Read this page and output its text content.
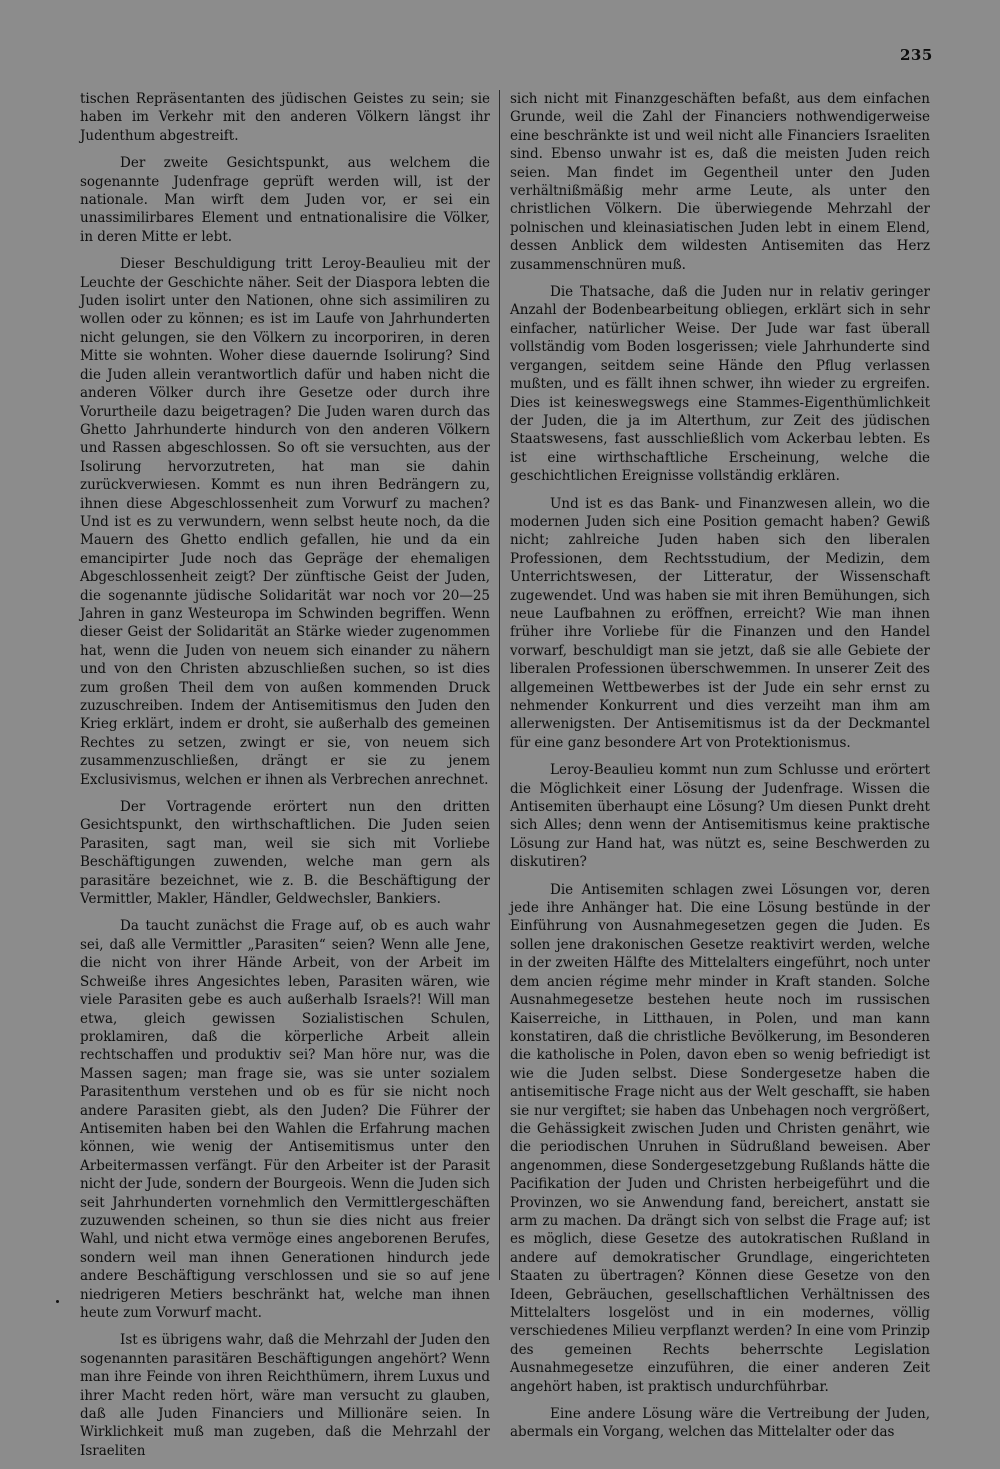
235

tischen Repräsentanten des jüdischen Geistes zu sein; sie haben im Verkehr mit den anderen Völkern längst ihr Judenthum abgestreift.

Der zweite Gesichtspunkt, aus welchem die sogenannte Judenfrage geprüft werden will, ist der nationale. Man wirft dem Juden vor, er sei ein unassimilirbares Element und entnationalisire die Völker, in deren Mitte er lebt.

Dieser Beschuldigung tritt Leroy-Beaulieu mit der Leuchte der Geschichte näher. Seit der Diaspora lebten die Juden isolirt unter den Nationen, ohne sich assimiliren zu wollen oder zu können; es ist im Laufe von Jahrhunderten nicht gelungen, sie den Völkern zu incorporiren, in deren Mitte sie wohnten. Woher diese dauernde Isolirung? Sind die Juden allein verantwortlich dafür und haben nicht die anderen Völker durch ihre Gesetze oder durch ihre Vorurtheile dazu beigetragen? Die Juden waren durch das Ghetto Jahrhunderte hindurch von den anderen Völkern und Rassen abgeschlossen. So oft sie versuchten, aus der Isolirung hervorzutreten, hat man sie dahin zurückverwiesen. Kommt es nun ihren Bedrängern zu, ihnen diese Abgeschlossenheit zum Vorwurf zu machen? Und ist es zu verwundern, wenn selbst heute noch, da die Mauern des Ghetto endlich gefallen, hie und da ein emancipirter Jude noch das Gepräge der ehemaligen Abgeschlossenheit zeigt? Der zünftische Geist der Juden, die sogenannte jüdische Solidarität war noch vor 20—25 Jahren in ganz Westeuropa im Schwinden begriffen. Wenn dieser Geist der Solidarität an Stärke wieder zugenommen hat, wenn die Juden von neuem sich einander zu nähern und von den Christen abzuschließen suchen, so ist dies zum großen Theil dem von außen kommenden Druck zuzuschreiben. Indem der Antisemitismus den Juden den Krieg erklärt, indem er droht, sie außerhalb des gemeinen Rechtes zu setzen, zwingt er sie, von neuem sich zusammenzuschließen, drängt er sie zu jenem Exclusivismus, welchen er ihnen als Verbrechen anrechnet.

Der Vortragende erörtert nun den dritten Gesichtspunkt, den wirthschaftlichen. Die Juden seien Parasiten, sagt man, weil sie sich mit Vorliebe Beschäftigungen zuwenden, welche man gern als parasitäre bezeichnet, wie z. B. die Beschäftigung der Vermittler, Makler, Händler, Geldwechsler, Bankiers.

Da taucht zunächst die Frage auf, ob es auch wahr sei, daß alle Vermittler „Parasiten“ seien? Wenn alle Jene, die nicht von ihrer Hände Arbeit, von der Arbeit im Schweiße ihres Angesichtes leben, Parasiten wären, wie viele Parasiten gebe es auch außerhalb Israels?! Will man etwa, gleich gewissen Sozialistischen Schulen, proklamiren, daß die körperliche Arbeit allein rechtschaffen und produktiv sei? Man höre nur, was die Massen sagen; man frage sie, was sie unter sozialem Parasitenthum verstehen und ob es für sie nicht noch andere Parasiten giebt, als den Juden? Die Führer der Antisemiten haben bei den Wahlen die Erfahrung machen können, wie wenig der Antisemitismus unter den Arbeitermassen verfängt. Für den Arbeiter ist der Parasit nicht der Jude, sondern der Bourgeois. Wenn die Juden sich seit Jahrhunderten vornehmlich den Vermittlergeschäften zuzuwenden scheinen, so thun sie dies nicht aus freier Wahl, und nicht etwa vermöge eines angeborenen Berufes, sondern weil man ihnen Generationen hindurch jede andere Beschäftigung verschlossen und sie so auf jene niedrigeren Metiers beschränkt hat, welche man ihnen heute zum Vorwurf macht.

Ist es übrigens wahr, daß die Mehrzahl der Juden den sogenannten parasitären Beschäftigungen angehört? Wenn man ihre Feinde von ihren Reichthümern, ihrem Luxus und ihrer Macht reden hört, wäre man versucht zu glauben, daß alle Juden Financiers und Millionäre seien. In Wirklichkeit muß man zugeben, daß die Mehrzahl der Israeliten

sich nicht mit Finanzgeschäften befaßt, aus dem einfachen Grunde, weil die Zahl der Financiers nothwendigerweise eine beschränkte ist und weil nicht alle Financiers Israeliten sind. Ebenso unwahr ist es, daß die meisten Juden reich seien. Man findet im Gegentheil unter den Juden verhältnißmäßig mehr arme Leute, als unter den christlichen Völkern. Die überwiegende Mehrzahl der polnischen und kleinasiatischen Juden lebt in einem Elend, dessen Anblick dem wildesten Antisemiten das Herz zusammenschnüren muß.

Die Thatsache, daß die Juden nur in relativ geringer Anzahl der Bodenbearbeitung obliegen, erklärt sich in sehr einfacher, natürlicher Weise. Der Jude war fast überall vollständig vom Boden losgerissen; viele Jahrhunderte sind vergangen, seitdem seine Hände den Pflug verlassen mußten, und es fällt ihnen schwer, ihn wieder zu ergreifen. Dies ist keineswegswegs eine Stammes-Eigenthümlichkeit der Juden, die ja im Alterthum, zur Zeit des jüdischen Staatswesens, fast ausschließlich vom Ackerbau lebten. Es ist eine wirthschaftliche Erscheinung, welche die geschichtlichen Ereignisse vollständig erklären.

Und ist es das Bank- und Finanzwesen allein, wo die modernen Juden sich eine Position gemacht haben? Gewiß nicht; zahlreiche Juden haben sich den liberalen Professionen, dem Rechtsstudium, der Medizin, dem Unterrichtswesen, der Litteratur, der Wissenschaft zugewendet. Und was haben sie mit ihren Bemühungen, sich neue Laufbahnen zu eröffnen, erreicht? Wie man ihnen früher ihre Vorliebe für die Finanzen und den Handel vorwarf, beschuldigt man sie jetzt, daß sie alle Gebiete der liberalen Professionen überschwemmen. In unserer Zeit des allgemeinen Wettbewerbes ist der Jude ein sehr ernst zu nehmender Konkurrent und dies verzeiht man ihm am allerwenigsten. Der Antisemitismus ist da der Deckmantel für eine ganz besondere Art von Protektionismus.

Leroy-Beaulieu kommt nun zum Schlusse und erörtert die Möglichkeit einer Lösung der Judenfrage. Wissen die Antisemiten überhaupt eine Lösung? Um diesen Punkt dreht sich Alles; denn wenn der Antisemitismus keine praktische Lösung zur Hand hat, was nützt es, seine Beschwerden zu diskutiren?

Die Antisemiten schlagen zwei Lösungen vor, deren jede ihre Anhänger hat. Die eine Lösung bestünde in der Einführung von Ausnahmegesetzen gegen die Juden. Es sollen jene drakonischen Gesetze reaktivirt werden, welche in der zweiten Hälfte des Mittelalters eingeführt, noch unter dem ancien régime mehr minder in Kraft standen. Solche Ausnahmegesetze bestehen heute noch im russischen Kaiserreiche, in Litthauen, in Polen, und man kann konstatiren, daß die christliche Bevölkerung, im Besonderen die katholische in Polen, davon eben so wenig befriedigt ist wie die Juden selbst. Diese Sondergesetze haben die antisemitische Frage nicht aus der Welt geschafft, sie haben sie nur vergiftet; sie haben das Unbehagen noch vergrößert, die Gehässigkeit zwischen Juden und Christen genährt, wie die periodischen Unruhen in Südrußland beweisen. Aber angenommen, diese Sondergesetzgebung Rußlands hätte die Pacifikation der Juden und Christen herbeigeführt und die Provinzen, wo sie Anwendung fand, bereichert, anstatt sie arm zu machen. Da drängt sich von selbst die Frage auf; ist es möglich, diese Gesetze des autokratischen Rußland in andere auf demokratischer Grundlage, eingerichteten Staaten zu übertragen? Können diese Gesetze von den Ideen, Gebräuchen, gesellschaftlichen Verhältnissen des Mittelalters losgelöst und in ein modernes, völlig verschiedenes Milieu verpflanzt werden? In eine vom Prinzip des gemeinen Rechts beherrschte Legislation Ausnahmegesetze einzuführen, die einer anderen Zeit angehört haben, ist praktisch undurchführbar.

Eine andere Lösung wäre die Vertreibung der Juden, abermals ein Vorgang, welchen das Mittelalter oder das
